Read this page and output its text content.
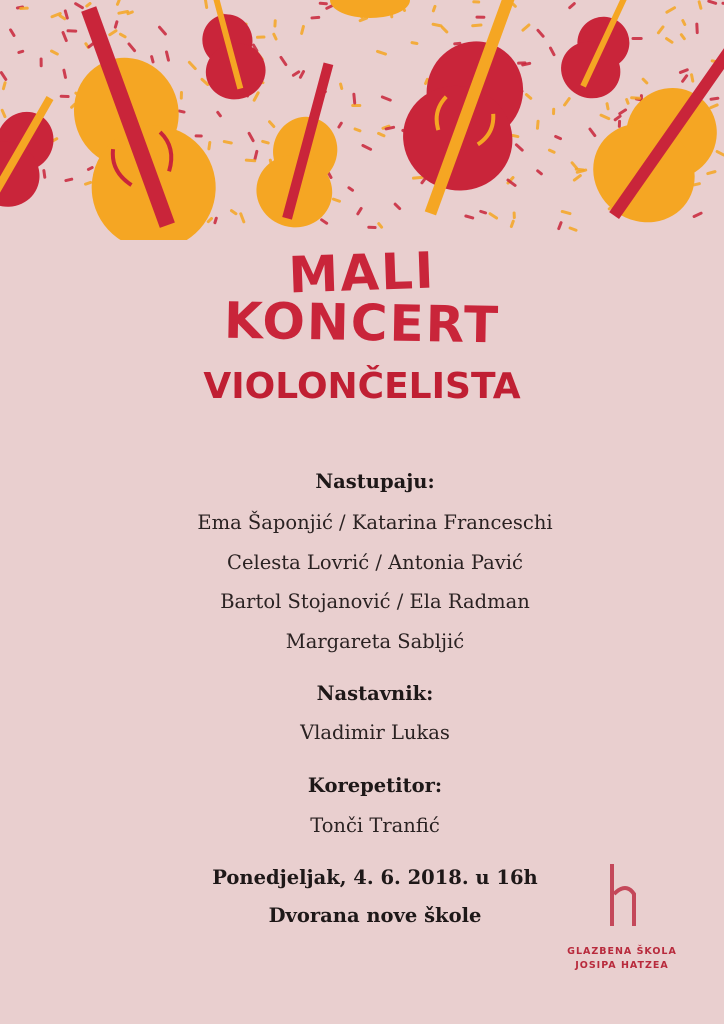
MALI
KONCERT
VIOLONČELISTA
Nastupaju:
Ema Šaponjić / Katarina Franceschi
Celesta Lovrić / Antonia Pavić
Bartol Stojanović / Ela Radman
Margareta Sabljić
Nastavnik:
Vladimir Lukas
Korepetitor:
Tonči Tranfić
Ponedjeljak, 4. 6. 2018. u 16h
Dvorana nove škole
GLAZBENA ŠKOLA
JOSIPA HATZEA
